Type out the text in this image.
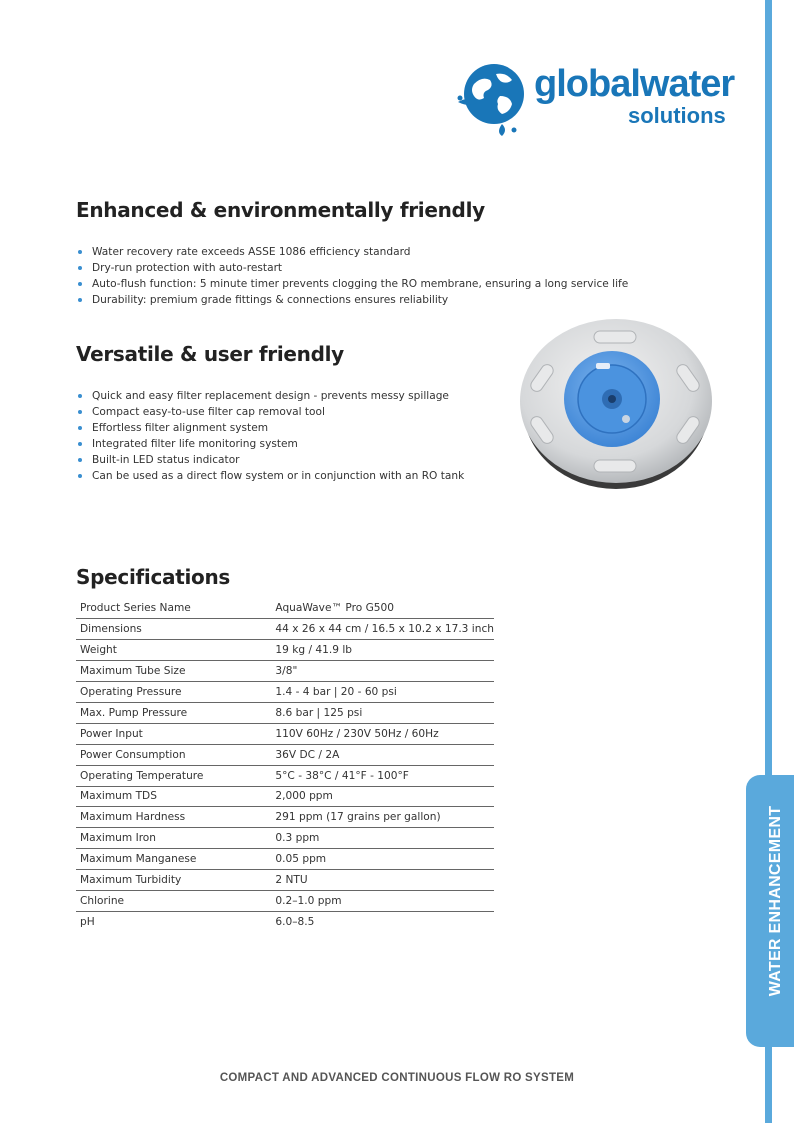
WATER ENHANCEMENT
globalwater
solutions
Enhanced & environmentally friendly
Water recovery rate exceeds ASSE 1086 efficiency standard
Dry-run protection with auto-restart
Auto-flush function: 5 minute timer prevents clogging the RO membrane, ensuring a long service life
Durability: premium grade fittings & connections ensures reliability
Versatile & user friendly
Quick and easy filter replacement design - prevents messy spillage
Compact easy-to-use filter cap removal tool
Effortless filter alignment system
Integrated filter life monitoring system
Built-in LED status indicator
Can be used as a direct flow system or in conjunction with an RO tank
Specifications
Product Series Name	AquaWave™ Pro G500
Dimensions	44 x 26 x 44 cm / 16.5 x 10.2 x 17.3 inch
Weight	19 kg / 41.9 lb
Maximum Tube Size	3/8"
Operating Pressure	1.4 - 4 bar | 20 - 60 psi
Max. Pump Pressure	8.6 bar | 125 psi
Power Input	110V 60Hz / 230V 50Hz / 60Hz
Power Consumption	36V DC / 2A
Operating Temperature	5°C - 38°C / 41°F - 100°F
Maximum TDS	2,000 ppm
Maximum Hardness	291 ppm (17 grains per gallon)
Maximum Iron	0.3 ppm
Maximum Manganese	0.05 ppm
Maximum Turbidity	2 NTU
Chlorine	0.2–1.0 ppm
pH	6.0–8.5
COMPACT AND ADVANCED CONTINUOUS FLOW RO SYSTEM
